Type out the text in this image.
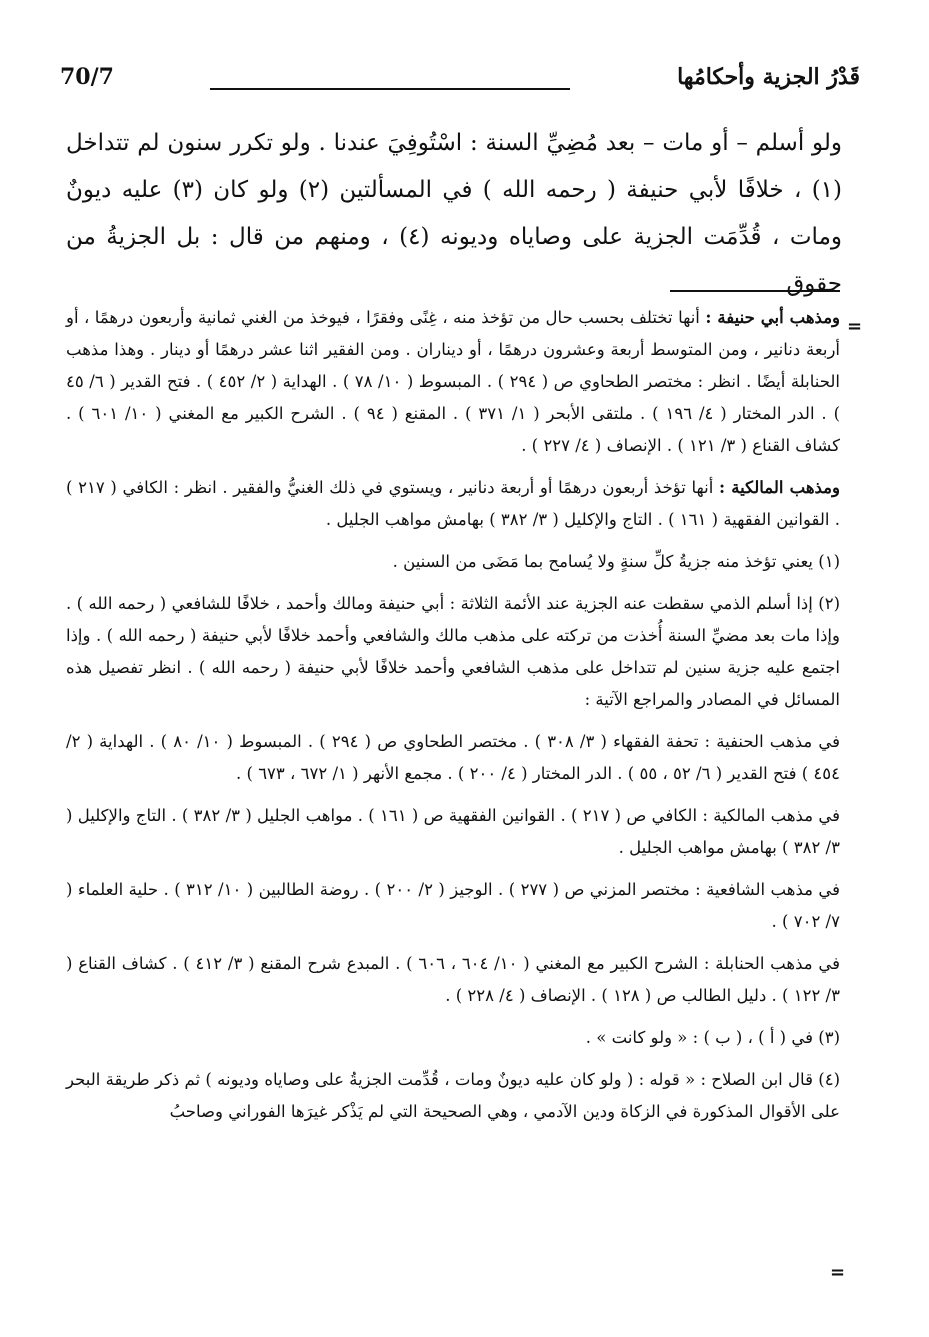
قَدْرُ الجزية وأحكامُها
70/7
ولو أسلم – أو مات – بعد مُضِيِّ السنة : اسْتُوفِيَ عندنا . ولو تكرر سنون لم تتداخل (١) ، خلافًا لأبي حنيفة ( رحمه الله ) في المسألتين (٢) ولو كان (٣) عليه ديونٌ ومات ، قُدِّمَت الجزية على وصاياه وديونه (٤) ، ومنهم من قال : بل الجزيةُ من حقوق
=

ومذهب أبي حنيفة : أنها تختلف بحسب حال من تؤخذ منه ، غِنًى وفقرًا ، فيوخذ من الغني ثمانية وأربعون درهمًا ، أو أربعة دنانير ، ومن المتوسط أربعة وعشرون درهمًا ، أو ديناران . ومن الفقير اثنا عشر درهمًا أو دينار . وهذا مذهب الحنابلة أيضًا . انظر : مختصر الطحاوي ص ( ٢٩٤ ) . المبسوط ( ١٠/ ٧٨ ) . الهداية ( ٢/ ٤٥٢ ) . فتح القدير ( ٦/ ٤٥ ) . الدر المختار ( ٤/ ١٩٦ ) . ملتقى الأبحر ( ١/ ٣٧١ ) . المقنع ( ٩٤ ) . الشرح الكبير مع المغني ( ١٠/ ٦٠١ ) . كشاف القناع ( ٣/ ١٢١ ) . الإنصاف ( ٤/ ٢٢٧ ) .

ومذهب المالكية : أنها تؤخذ أربعون درهمًا أو أربعة دنانير ، ويستوي في ذلك الغنيُّ والفقير . انظر : الكافي ( ٢١٧ ) . القوانين الفقهية ( ١٦١ ) . التاج والإكليل ( ٣/ ٣٨٢ ) بهامش مواهب الجليل .

(١) يعني تؤخذ منه جزيةُ كلِّ سنةٍ ولا يُسامح بما مَضَى من السنين .

(٢) إذا أسلم الذمي سقطت عنه الجزية عند الأئمة الثلاثة : أبي حنيفة ومالك وأحمد ، خلافًا للشافعي ( رحمه الله ) . وإذا مات بعد مضيِّ السنة أُخذت من تركته على مذهب مالك والشافعي وأحمد خلافًا لأبي حنيفة ( رحمه الله ) . وإذا اجتمع عليه جزية سنين لم تتداخل على مذهب الشافعي وأحمد خلافًا لأبي حنيفة ( رحمه الله ) . انظر تفصيل هذه المسائل في المصادر والمراجع الآتية :

في مذهب الحنفية : تحفة الفقهاء ( ٣/ ٣٠٨ ) . مختصر الطحاوي ص ( ٢٩٤ ) . المبسوط ( ١٠/ ٨٠ ) . الهداية ( ٢/ ٤٥٤ ) فتح القدير ( ٦/ ٥٢ ، ٥٥ ) . الدر المختار ( ٤/ ٢٠٠ ) . مجمع الأنهر ( ١/ ٦٧٢ ، ٦٧٣ ) .

في مذهب المالكية : الكافي ص ( ٢١٧ ) . القوانين الفقهية ص ( ١٦١ ) . مواهب الجليل ( ٣/ ٣٨٢ ) . التاج والإكليل ( ٣/ ٣٨٢ ) بهامش مواهب الجليل .

في مذهب الشافعية : مختصر المزني ص ( ٢٧٧ ) . الوجيز ( ٢/ ٢٠٠ ) . روضة الطالبين ( ١٠/ ٣١٢ ) . حلية العلماء ( ٧/ ٧٠٢ ) .

في مذهب الحنابلة : الشرح الكبير مع المغني ( ١٠/ ٦٠٤ ، ٦٠٦ ) . المبدع شرح المقنع ( ٣/ ٤١٢ ) . كشاف القناع ( ٣/ ١٢٢ ) . دليل الطالب ص ( ١٢٨ ) . الإنصاف ( ٤/ ٢٢٨ ) .

(٣) في ( أ ) ، ( ب ) : « ولو كانت » .

(٤) قال ابن الصلاح : « قوله : ( ولو كان عليه ديونٌ ومات ، قُدِّمت الجزيةُ على وصاياه وديونه ) ثم ذكر طريقة البحر على الأقوال المذكورة في الزكاة ودين الآدمي ، وهي الصحيحة التي لم يَذْكر غيرَها الفوراني وصاحبُ

=
